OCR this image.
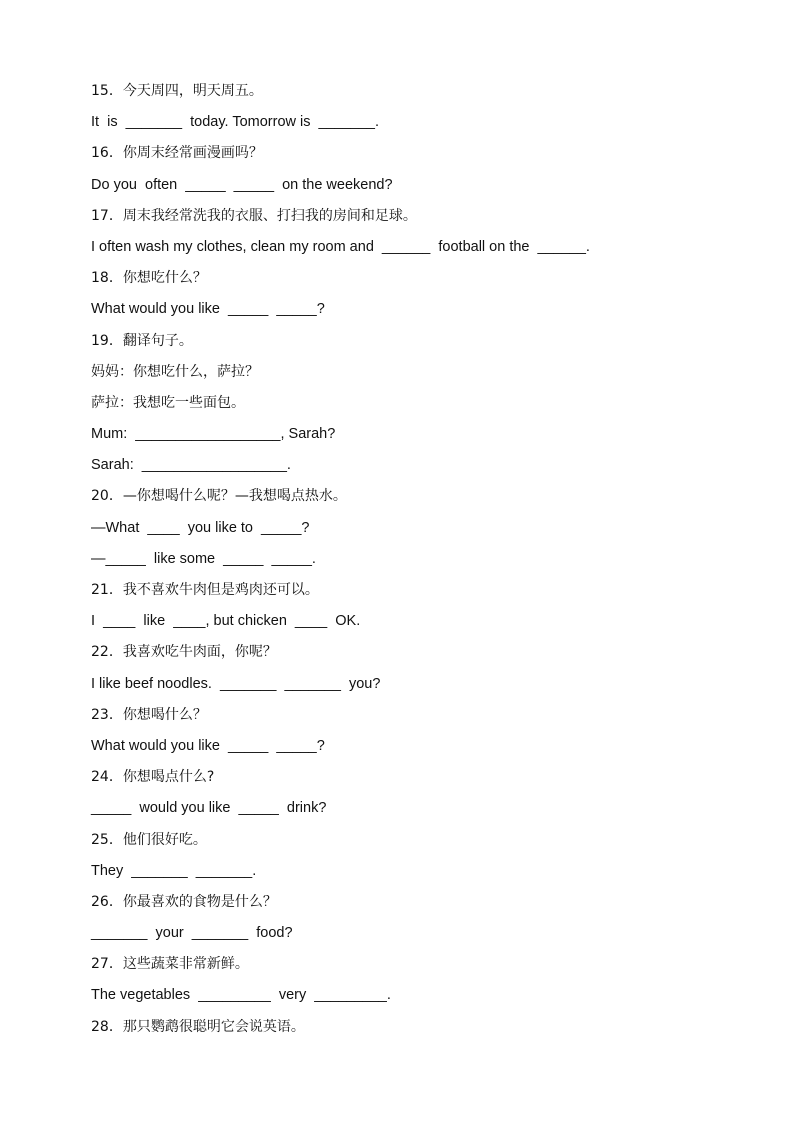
15．今天周四，明天周五。
It  is  _______  today. Tomorrow is  _______.
16．你周末经常画漫画吗？
Do you  often  _____  _____  on the weekend?
17．周末我经常洗我的衣服、打扫我的房间和足球。
I often wash my clothes, clean my room and  ______  football on the  ______.
18．你想吃什么？
What would you like  _____  _____?
19．翻译句子。
妈妈：你想吃什么，萨拉？
萨拉：我想吃一些面包。
Mum:  __________________, Sarah?
Sarah:  __________________.
20．—你想喝什么呢？—我想喝点热水。
—What  ____  you like to  _____?
—_____  like some  _____  _____.
21．我不喜欢牛肉但是鸡肉还可以。
I  ____  like  ____, but chicken  ____  OK.
22．我喜欢吃牛肉面，你呢？
I like beef noodles.  _______  _______  you?
23．你想喝什么？
What would you like  _____  _____?
24．你想喝点什么?
_____  would you like  _____  drink?
25．他们很好吃。
They  _______  _______.
26．你最喜欢的食物是什么？
_______  your  _______  food?
27．这些蔬菜非常新鲜。
The vegetables  _________  very  _________.
28．那只鹦鹉很聪明它会说英语。
